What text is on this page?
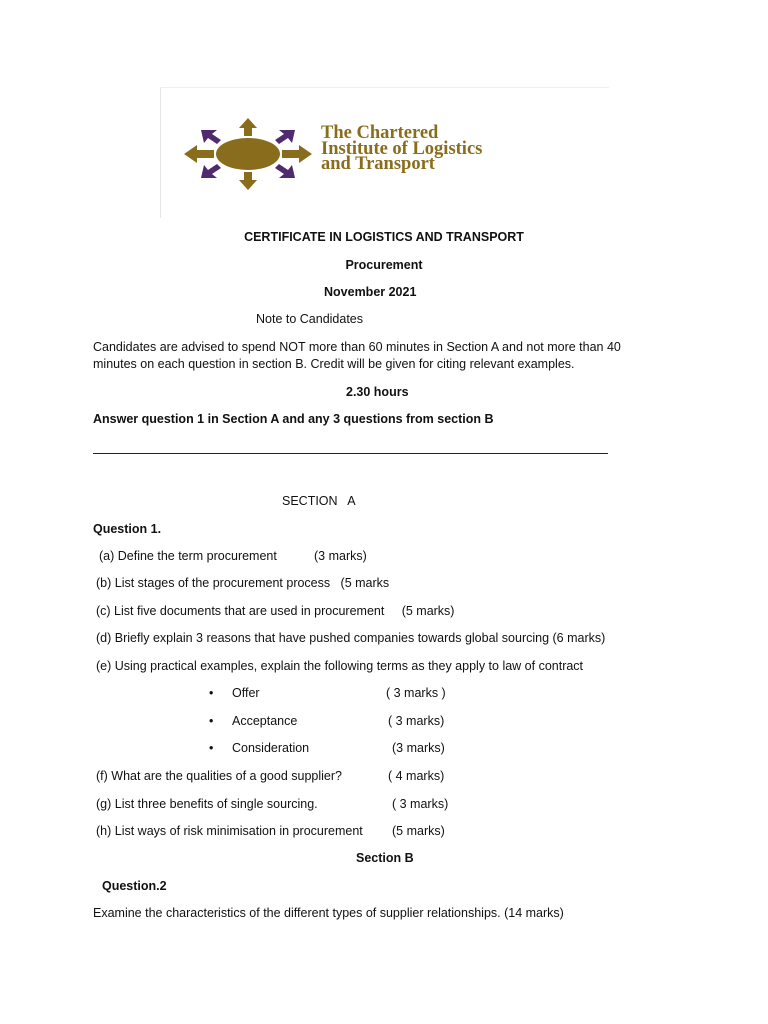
The Chartered
Institute of Logistics
and Transport
CERTIFICATE IN LOGISTICS AND TRANSPORT
Procurement
November 2021
Note to Candidates
Candidates are advised to spend NOT more than 60 minutes in Section A and not more than 40
minutes on each question in section B. Credit will be given for citing relevant examples.
2.30 hours
Answer question 1 in Section A and any 3 questions from section B
SECTION   A
Question 1.
(a) Define the term procurement	(3 marks)
(b) List stages of the procurement process   (5 marks
(c) List five documents that are used in procurement     (5 marks)
(d) Briefly explain 3 reasons that have pushed companies towards global sourcing (6 marks)
(e) Using practical examples, explain the following terms as they apply to law of contract
• Offer	( 3 marks )
• Acceptance	( 3 marks)
• Consideration	(3 marks)
(f) What are the qualities of a good supplier?	( 4 marks)
(g) List three benefits of single sourcing.	( 3 marks)
(h) List ways of risk minimisation in procurement (5 marks)
Section B
Question.2
Examine the characteristics of the different types of supplier relationships. (14 marks)
